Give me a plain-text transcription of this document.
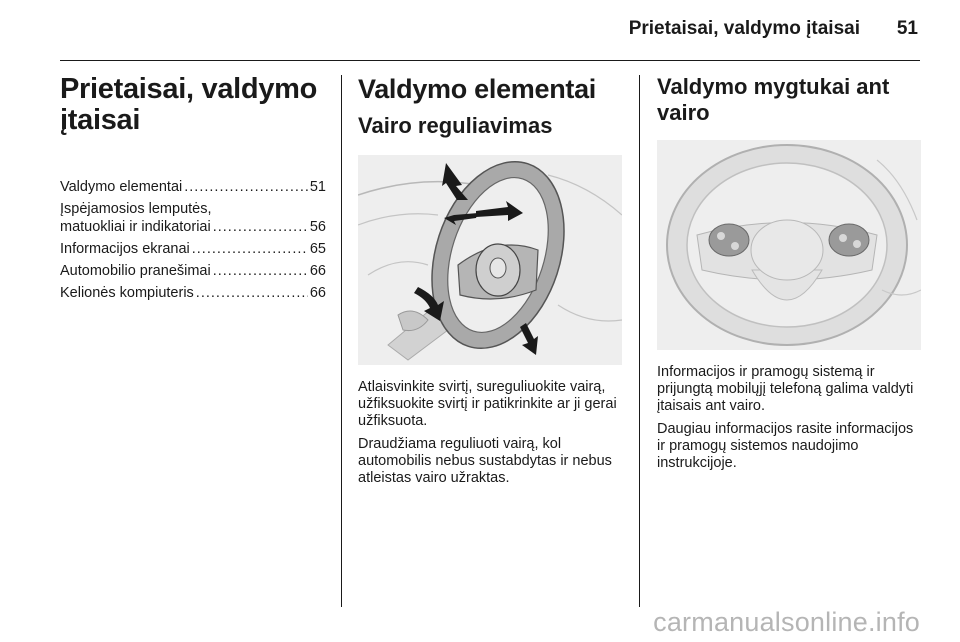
Prietaisai, valdymo įtaisai 51
Prietaisai, valdymo įtaisai
Valdymo elementai .....	51
Įspėjamosios lemputės,
matuokliai ir indikatoriai .....	56
Informacijos ekranai .....	65
Automobilio pranešimai .....	66
Kelionės kompiuteris .....	66
Valdymo elementai
Vairo reguliavimas

Atlaisvinkite svirtį, sureguliuokite vairą, užfiksuokite svirtį ir patikrinkite ar ji gerai užfiksuota.

Draudžiama reguliuoti vairą, kol automobilis nebus sustabdytas ir nebus atleistas vairo užraktas.

Valdymo mygtukai ant vairo

Informacijos ir pramogų sistemą ir prijungtą mobilųjį telefoną galima valdyti įtaisais ant vairo.

Daugiau informacijos rasite informacijos ir pramogų sistemos naudojimo instrukcijoje.

carmanualsonline.info
